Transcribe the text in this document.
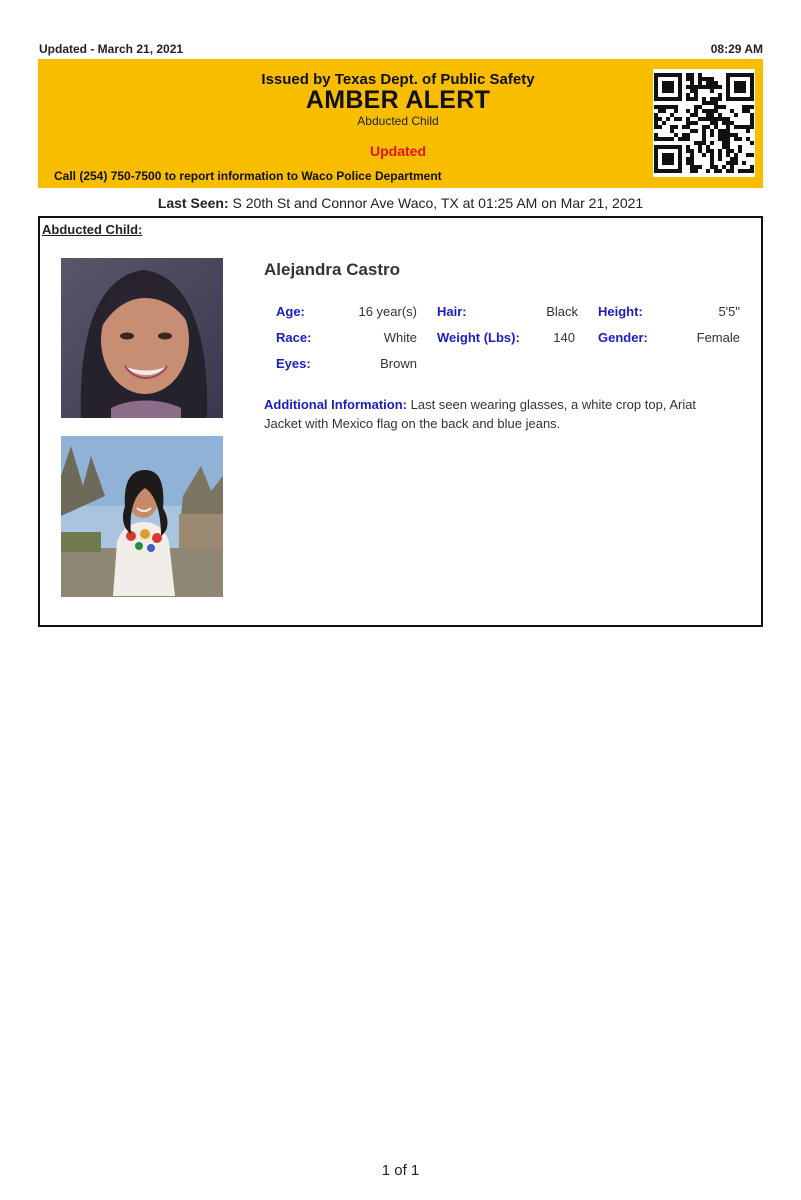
Updated - March 21, 2021	08:29 AM
Issued by Texas Dept. of Public Safety
AMBER ALERT
Abducted Child
Updated
Call (254) 750-7500 to report information to Waco Police Department
Last Seen: S 20th St and Connor Ave Waco, TX at 01:25 AM on Mar 21, 2021
Abducted Child:
Alejandra Castro
Age:	16 year(s) Hair:	Black Height:	5'5"
Race:	White Weight (Lbs):	140 Gender:	Female
Eyes:	Brown
Additional Information: Last seen wearing glasses, a white crop top, Ariat Jacket with Mexico flag on the back and blue jeans.
1 of 1
